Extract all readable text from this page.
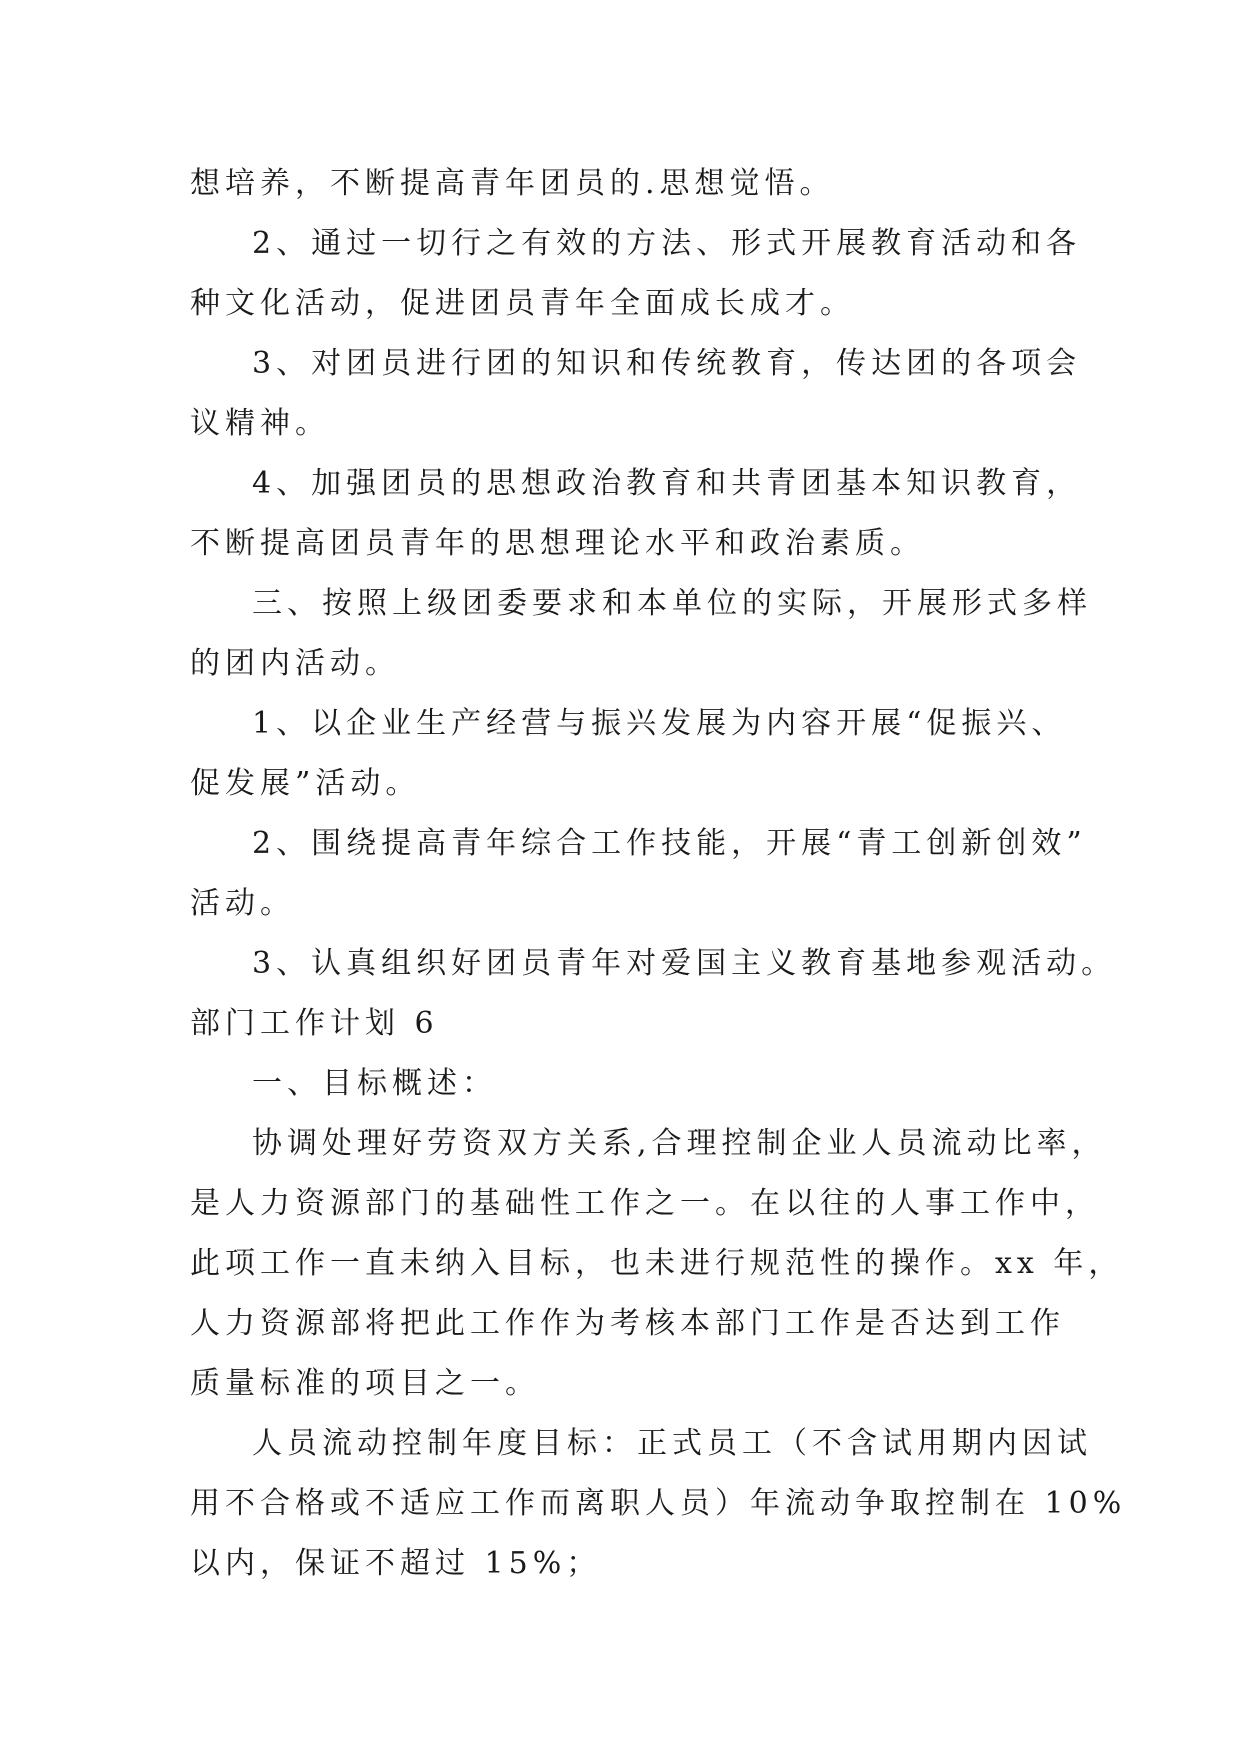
想培养，不断提高青年团员的.思想觉悟。
2、通过一切行之有效的方法、形式开展教育活动和各
种文化活动，促进团员青年全面成长成才。
3、对团员进行团的知识和传统教育，传达团的各项会
议精神。
4、加强团员的思想政治教育和共青团基本知识教育，
不断提高团员青年的思想理论水平和政治素质。
三、按照上级团委要求和本单位的实际，开展形式多样
的团内活动。
1、以企业生产经营与振兴发展为内容开展“促振兴、
促发展”活动。
2、围绕提高青年综合工作技能，开展“青工创新创效”
活动。
3、认真组织好团员青年对爱国主义教育基地参观活动。
部门工作计划 6
一、目标概述：
协调处理好劳资双方关系,合理控制企业人员流动比率，
是人力资源部门的基础性工作之一。在以往的人事工作中，
此项工作一直未纳入目标，也未进行规范性的操作。xx 年，
人力资源部将把此工作作为考核本部门工作是否达到工作
质量标准的项目之一。
人员流动控制年度目标：正式员工（不含试用期内因试
用不合格或不适应工作而离职人员）年流动争取控制在 10%
以内，保证不超过 15%；
